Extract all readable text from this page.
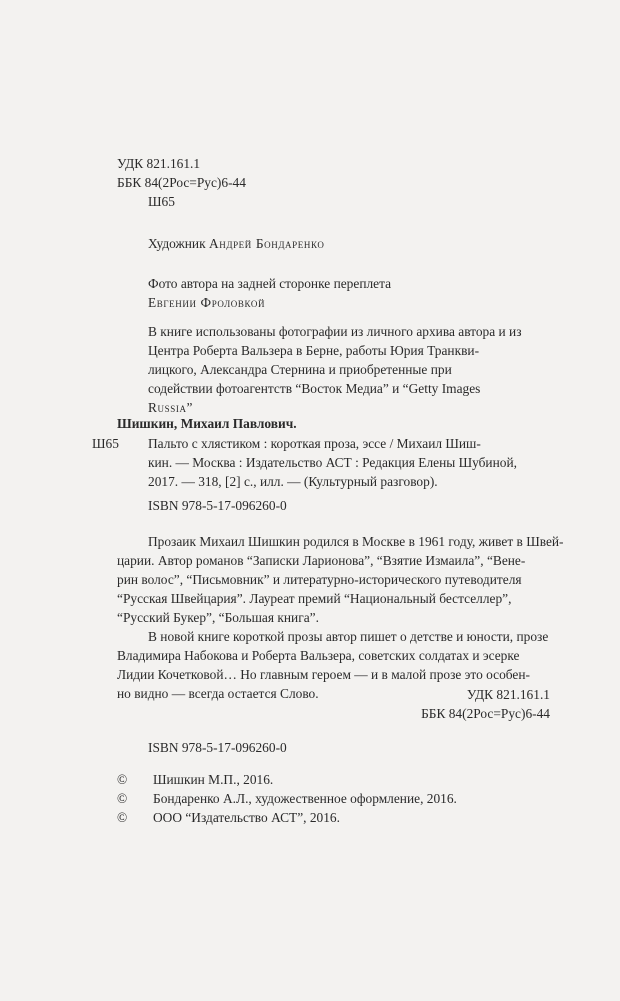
УДК 821.161.1
ББК 84(2Рос=Рус)6-44
Ш65
Художник Андрей Бондаренко
Фото автора на задней сторонке переплета
Евгении Фроловкой
В книге использованы фотографии из личного архива автора и из
Центра Роберта Вальзера в Берне, работы Юрия Транкви-
лицкого, Александра Стернина и приобретенные при
содействии фотоагентств “Восток Медиа” и “Getty Images
Russia”
Шишкин, Михаил Павлович.
Ш65 Пальто с хлястиком : короткая проза, эссе / Михаил Шиш-
кин. — Москва : Издательство АСТ : Редакция Елены Шубиной,
2017. — 318, [2] с., илл. — (Культурный разговор).
ISBN 978-5-17-096260-0
Прозаик Михаил Шишкин родился в Москве в 1961 году, живет в Швей-
царии. Автор романов “Записки Ларионова”, “Взятие Измаила”, “Вене-
рин волос”, “Письмовник” и литературно-исторического путеводителя
“Русская Швейцария”. Лауреат премий “Национальный бестселлер”,
“Русский Букер”, “Большая книга”.
В новой книге короткой прозы автор пишет о детстве и юности, прозе
Владимира Набокова и Роберта Вальзера, советских солдатах и эсерке
Лидии Кочетковой… Но главным героем — и в малой прозе это особен-
но видно — всегда остается Слово.	УДК 821.161.1
ББК 84(2Рос=Рус)6-44
ISBN 978-5-17-096260-0
© Шишкин М.П., 2016.
© Бондаренко А.Л., художественное оформление, 2016.
© ООО “Издательство АСТ”, 2016.
